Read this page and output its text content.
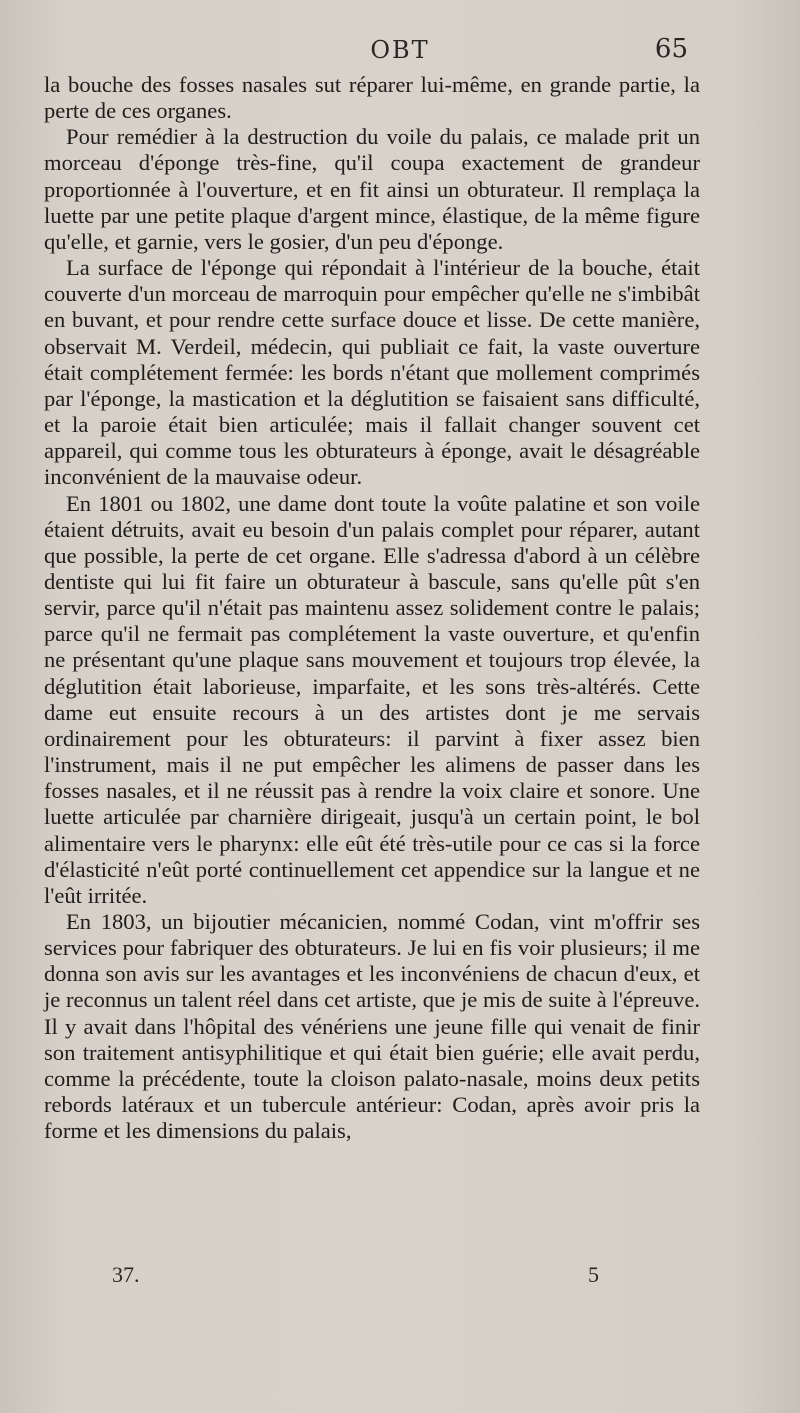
OBT	65

la bouche des fosses nasales sut réparer lui-même, en grande partie, la perte de ces organes.

Pour remédier à la destruction du voile du palais, ce malade prit un morceau d'éponge très-fine, qu'il coupa exactement de grandeur proportionnée à l'ouverture, et en fit ainsi un obturateur. Il remplaça la luette par une petite plaque d'argent mince, élastique, de la même figure qu'elle, et garnie, vers le gosier, d'un peu d'éponge.

La surface de l'éponge qui répondait à l'intérieur de la bouche, était couverte d'un morceau de marroquin pour empêcher qu'elle ne s'imbibât en buvant, et pour rendre cette surface douce et lisse. De cette manière, observait M. Verdeil, médecin, qui publiait ce fait, la vaste ouverture était complétement fermée: les bords n'étant que mollement comprimés par l'éponge, la mastication et la déglutition se faisaient sans difficulté, et la paroie était bien articulée; mais il fallait changer souvent cet appareil, qui comme tous les obturateurs à éponge, avait le désagréable inconvénient de la mauvaise odeur.

En 1801 ou 1802, une dame dont toute la voûte palatine et son voile étaient détruits, avait eu besoin d'un palais complet pour réparer, autant que possible, la perte de cet organe. Elle s'adressa d'abord à un célèbre dentiste qui lui fit faire un obturateur à bascule, sans qu'elle pût s'en servir, parce qu'il n'était pas maintenu assez solidement contre le palais; parce qu'il ne fermait pas complétement la vaste ouverture, et qu'enfin ne présentant qu'une plaque sans mouvement et toujours trop élevée, la déglutition était laborieuse, imparfaite, et les sons très-altérés. Cette dame eut ensuite recours à un des artistes dont je me servais ordinairement pour les obturateurs: il parvint à fixer assez bien l'instrument, mais il ne put empêcher les alimens de passer dans les fosses nasales, et il ne réussit pas à rendre la voix claire et sonore. Une luette articulée par charnière dirigeait, jusqu'à un certain point, le bol alimentaire vers le pharynx: elle eût été très-utile pour ce cas si la force d'élasticité n'eût porté continuellement cet appendice sur la langue et ne l'eût irritée.

En 1803, un bijoutier mécanicien, nommé Codan, vint m'offrir ses services pour fabriquer des obturateurs. Je lui en fis voir plusieurs; il me donna son avis sur les avantages et les inconvéniens de chacun d'eux, et je reconnus un talent réel dans cet artiste, que je mis de suite à l'épreuve. Il y avait dans l'hôpital des vénériens une jeune fille qui venait de finir son traitement antisyphilitique et qui était bien guérie; elle avait perdu, comme la précédente, toute la cloison palato-nasale, moins deux petits rebords latéraux et un tubercule antérieur: Codan, après avoir pris la forme et les dimensions du palais,

37.	5
